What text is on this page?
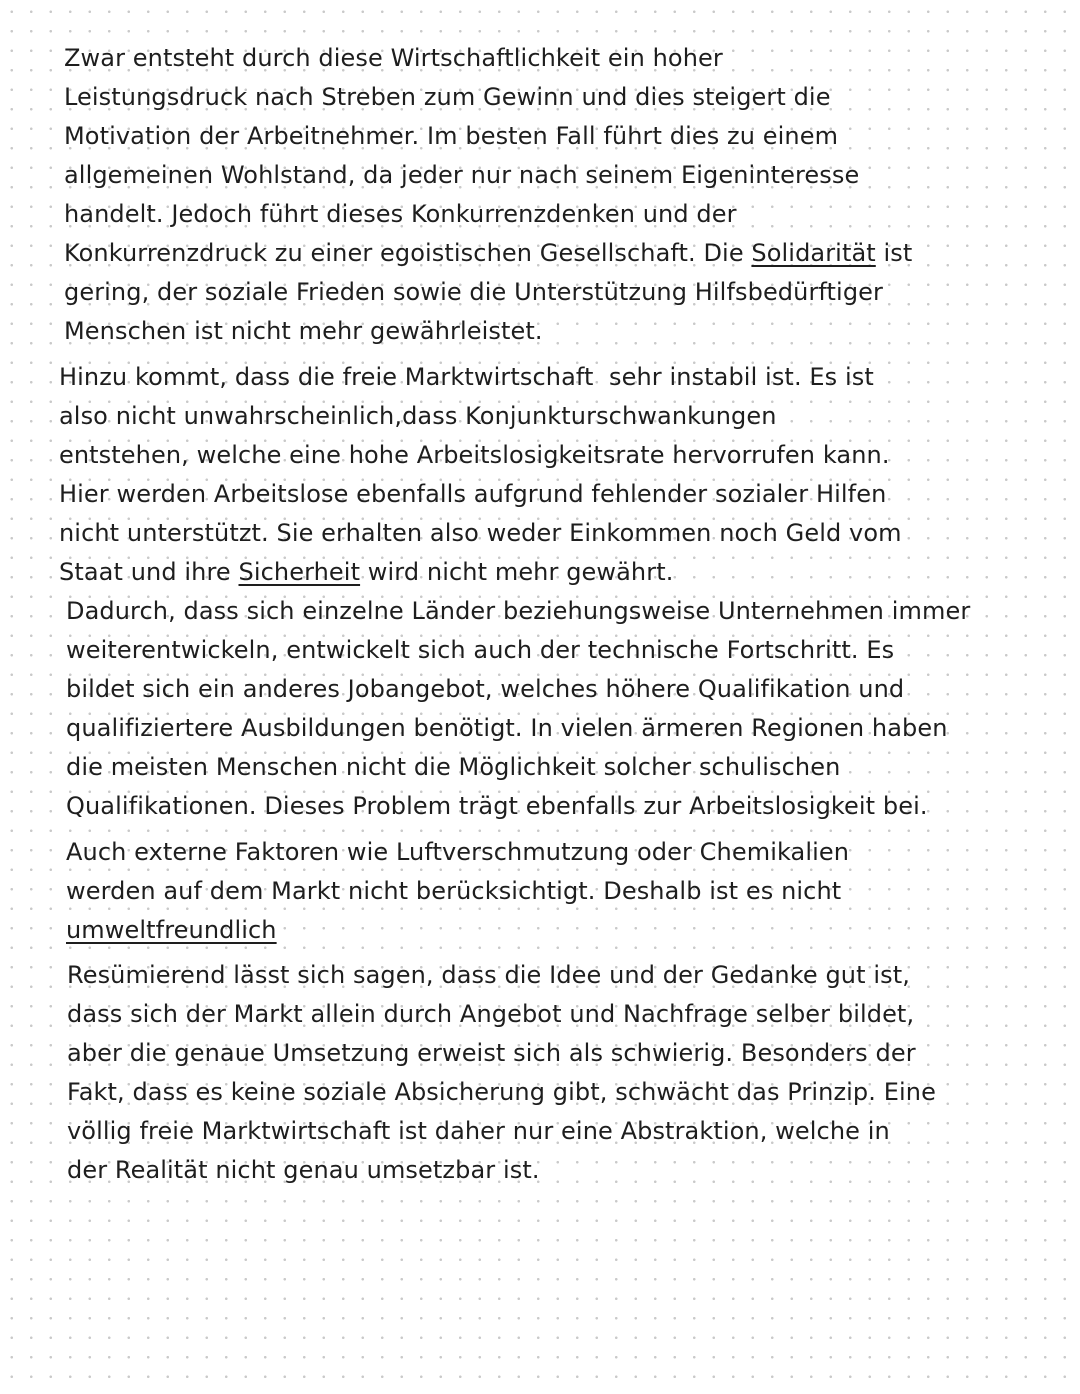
Zwar entsteht durch diese Wirtschaftlichkeit ein hoher
Leistungsdruck nach Streben zum Gewinn und dies steigert die
Motivation der Arbeitnehmer. Im besten Fall führt dies zu einem
allgemeinen Wohlstand, da jeder nur nach seinem Eigeninteresse
handelt. Jedoch führt dieses Konkurrenzdenken und der
Konkurrenzdruck zu einer egoistischen Gesellschaft. Die Solidarität ist
gering, der soziale Frieden sowie die Unterstützung Hilfsbedürftiger
Menschen ist nicht mehr gewährleistet.
Hinzu kommt, dass die freie Marktwirtschaft  sehr instabil ist. Es ist
also nicht unwahrscheinlich,dass Konjunkturschwankungen
entstehen, welche eine hohe Arbeitslosigkeitsrate hervorrufen kann.
Hier werden Arbeitslose ebenfalls aufgrund fehlender sozialer Hilfen
nicht unterstützt. Sie erhalten also weder Einkommen noch Geld vom
Staat und ihre Sicherheit wird nicht mehr gewährt.
Dadurch, dass sich einzelne Länder beziehungsweise Unternehmen immer
weiterentwickeln, entwickelt sich auch der technische Fortschritt. Es
bildet sich ein anderes Jobangebot, welches höhere Qualifikation und
qualifiziertere Ausbildungen benötigt. In vielen ärmeren Regionen haben
die meisten Menschen nicht die Möglichkeit solcher schulischen
Qualifikationen. Dieses Problem trägt ebenfalls zur Arbeitslosigkeit bei.
Auch externe Faktoren wie Luftverschmutzung oder Chemikalien
werden auf dem Markt nicht berücksichtigt. Deshalb ist es nicht
umweltfreundlich
Resümierend lässt sich sagen, dass die Idee und der Gedanke gut ist,
dass sich der Markt allein durch Angebot und Nachfrage selber bildet,
aber die genaue Umsetzung erweist sich als schwierig. Besonders der
Fakt, dass es keine soziale Absicherung gibt, schwächt das Prinzip. Eine
völlig freie Marktwirtschaft ist daher nur eine Abstraktion, welche in
der Realität nicht genau umsetzbar ist.
